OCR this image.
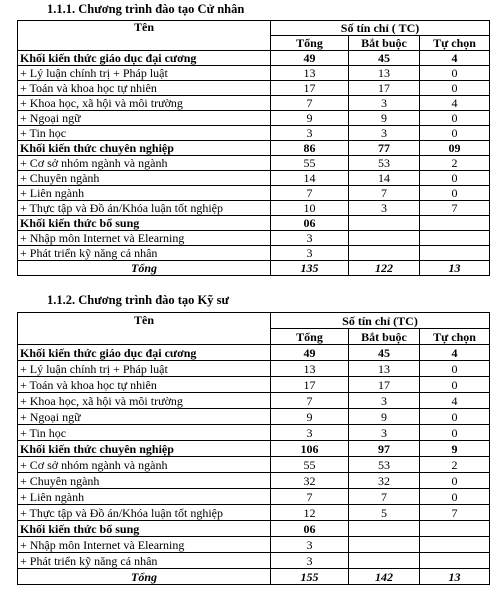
1.1.1. Chương trình đào tạo Cử nhân
Tên	Số tín chỉ ( TC)		
	Tổng	Bắt buộc	Tự chọn
Khối kiến thức giáo dục đại cương	49	45	4
+ Lý luận chính trị + Pháp luật	13	13	0
+ Toán và khoa học tự nhiên	17	17	0
+ Khoa học, xã hội và môi trường	7	3	4
+ Ngoại ngữ	9	9	0
+ Tin học	3	3	0
Khối kiến thức chuyên nghiệp	86	77	09
+ Cơ sở nhóm ngành và ngành	55	53	2
+ Chuyên ngành	14	14	0
+ Liên ngành	7	7	0
+ Thực tập và Đồ án/Khóa luận tốt nghiệp	10	3	7
Khối kiến thức bổ sung	06		
+ Nhập môn Internet và Elearning	3		
+ Phát triển kỹ năng cá nhân	3		
Tổng	135	122	13
1.1.2. Chương trình đào tạo Kỹ sư
Tên	Số tín chỉ (TC)		
	Tổng	Bắt buộc	Tự chọn
Khối kiến thức giáo dục đại cương	49	45	4
+ Lý luận chính trị + Pháp luật	13	13	0
+ Toán và khoa học tự nhiên	17	17	0
+ Khoa học, xã hội và môi trường	7	3	4
+ Ngoại ngữ	9	9	0
+ Tin học	3	3	0
Khối kiến thức chuyên nghiệp	106	97	9
+ Cơ sở nhóm ngành và ngành	55	53	2
+ Chuyên ngành	32	32	0
+ Liên ngành	7	7	0
+ Thực tập và Đồ án/Khóa luận tốt nghiệp	12	5	7
Khối kiến thức bổ sung	06		
+ Nhập môn Internet và Elearning	3		
+ Phát triển kỹ năng cá nhân	3		
Tổng	155	142	13
